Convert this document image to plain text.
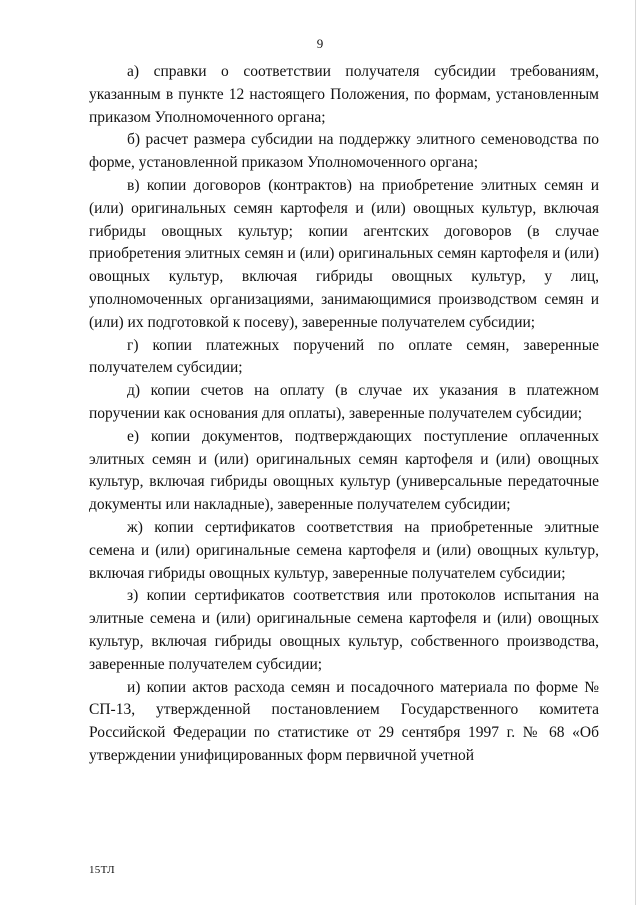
9

а) справки о соответствии получателя субсидии требованиям, указанным в пункте 12 настоящего Положения, по формам, установленным приказом Уполномоченного органа;

б) расчет размера субсидии на поддержку элитного семеноводства по форме, установленной приказом Уполномоченного органа;

в) копии договоров (контрактов) на приобретение элитных семян и (или) оригинальных семян картофеля и (или) овощных культур, включая гибриды овощных культур; копии агентских договоров (в случае приобретения элитных семян и (или) оригинальных семян картофеля и (или) овощных культур, включая гибриды овощных культур, у лиц, уполномоченных организациями, занимающимися производством семян и (или) их подготовкой к посеву), заверенные получателем субсидии;

г) копии платежных поручений по оплате семян, заверенные получателем субсидии;

д) копии счетов на оплату (в случае их указания в платежном поручении как основания для оплаты), заверенные получателем субсидии;

е) копии документов, подтверждающих поступление оплаченных элитных семян и (или) оригинальных семян картофеля и (или) овощных культур, включая гибриды овощных культур (универсальные передаточные документы или накладные), заверенные получателем субсидии;

ж) копии сертификатов соответствия на приобретенные элитные семена и (или) оригинальные семена картофеля и (или) овощных культур, включая гибриды овощных культур, заверенные получателем субсидии;

з) копии сертификатов соответствия или протоколов испытания на элитные семена и (или) оригинальные семена картофеля и (или) овощных культур, включая гибриды овощных культур, собственного производства, заверенные получателем субсидии;

и) копии актов расхода семян и посадочного материала по форме № СП-13, утвержденной постановлением Государственного комитета Российской Федерации по статистике от 29 сентября 1997 г. № 68 «Об утверждении унифицированных форм первичной учетной

15ТЛ
